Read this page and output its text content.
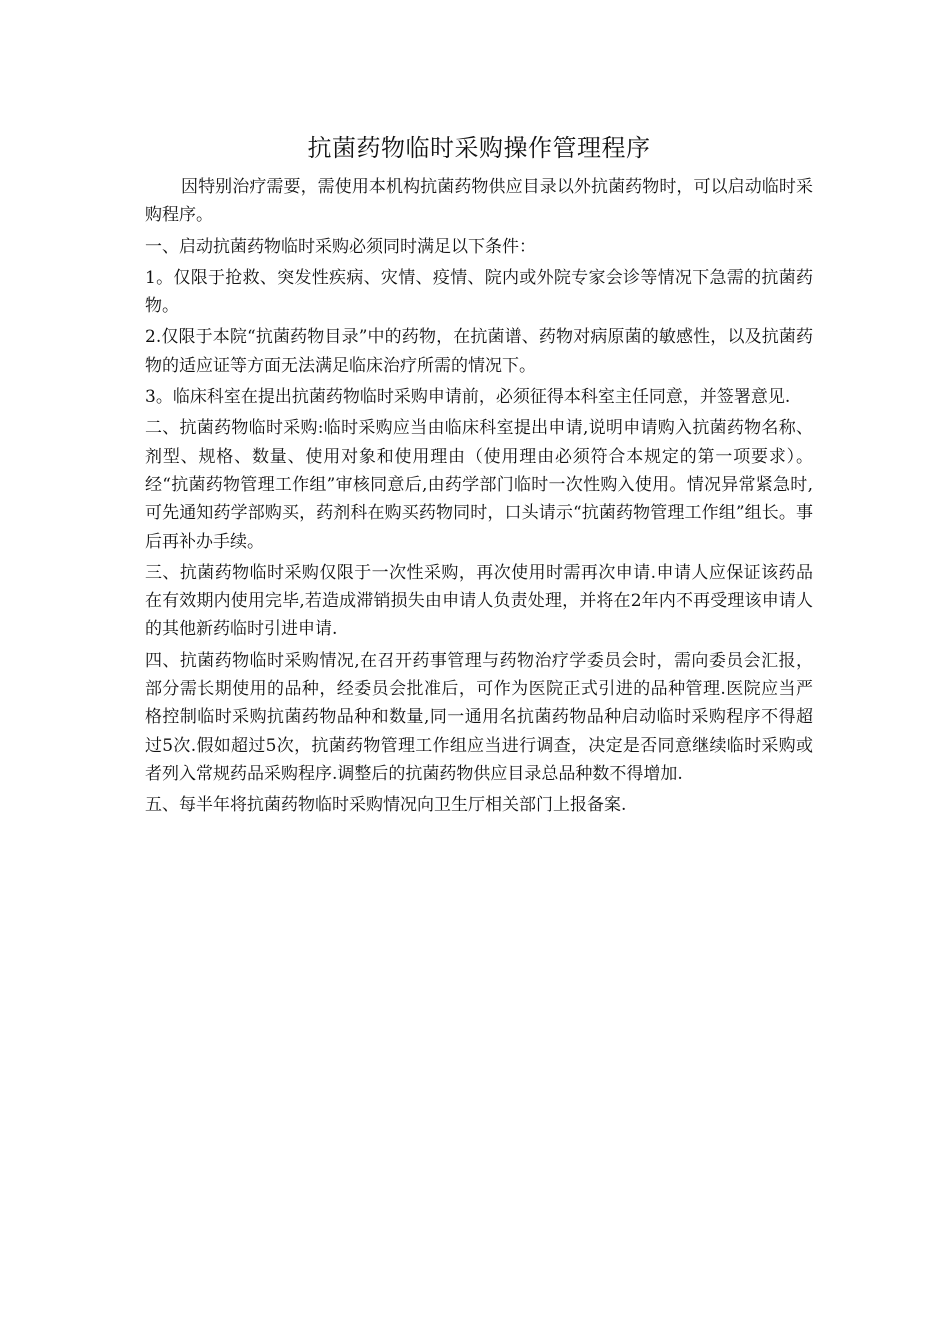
抗菌药物临时采购操作管理程序

因特别治疗需要，需使用本机构抗菌药物供应目录以外抗菌药物时，可以启动临时采购程序。

一、启动抗菌药物临时采购必须同时满足以下条件：

1。仅限于抢救、突发性疾病、灾情、疫情、院内或外院专家会诊等情况下急需的抗菌药物。

2.仅限于本院“抗菌药物目录”中的药物，在抗菌谱、药物对病原菌的敏感性，以及抗菌药物的适应证等方面无法满足临床治疗所需的情况下。

3。临床科室在提出抗菌药物临时采购申请前，必须征得本科室主任同意，并签署意见.

二、抗菌药物临时采购:临时采购应当由临床科室提出申请,说明申请购入抗菌药物名称、剂型、规格、数量、使用对象和使用理由（使用理由必须符合本规定的第一项要求）。经“抗菌药物管理工作组”审核同意后,由药学部门临时一次性购入使用。情况异常紧急时,可先通知药学部购买，药剂科在购买药物同时，口头请示“抗菌药物管理工作组”组长。事后再补办手续。

三、抗菌药物临时采购仅限于一次性采购，再次使用时需再次申请.申请人应保证该药品在有效期内使用完毕,若造成滞销损失由申请人负责处理，并将在2年内不再受理该申请人的其他新药临时引进申请.

四、抗菌药物临时采购情况,在召开药事管理与药物治疗学委员会时，需向委员会汇报，部分需长期使用的品种，经委员会批准后，可作为医院正式引进的品种管理.医院应当严格控制临时采购抗菌药物品种和数量,同一通用名抗菌药物品种启动临时采购程序不得超过5次.假如超过5次，抗菌药物管理工作组应当进行调查，决定是否同意继续临时采购或者列入常规药品采购程序.调整后的抗菌药物供应目录总品种数不得增加.

五、每半年将抗菌药物临时采购情况向卫生厅相关部门上报备案.
